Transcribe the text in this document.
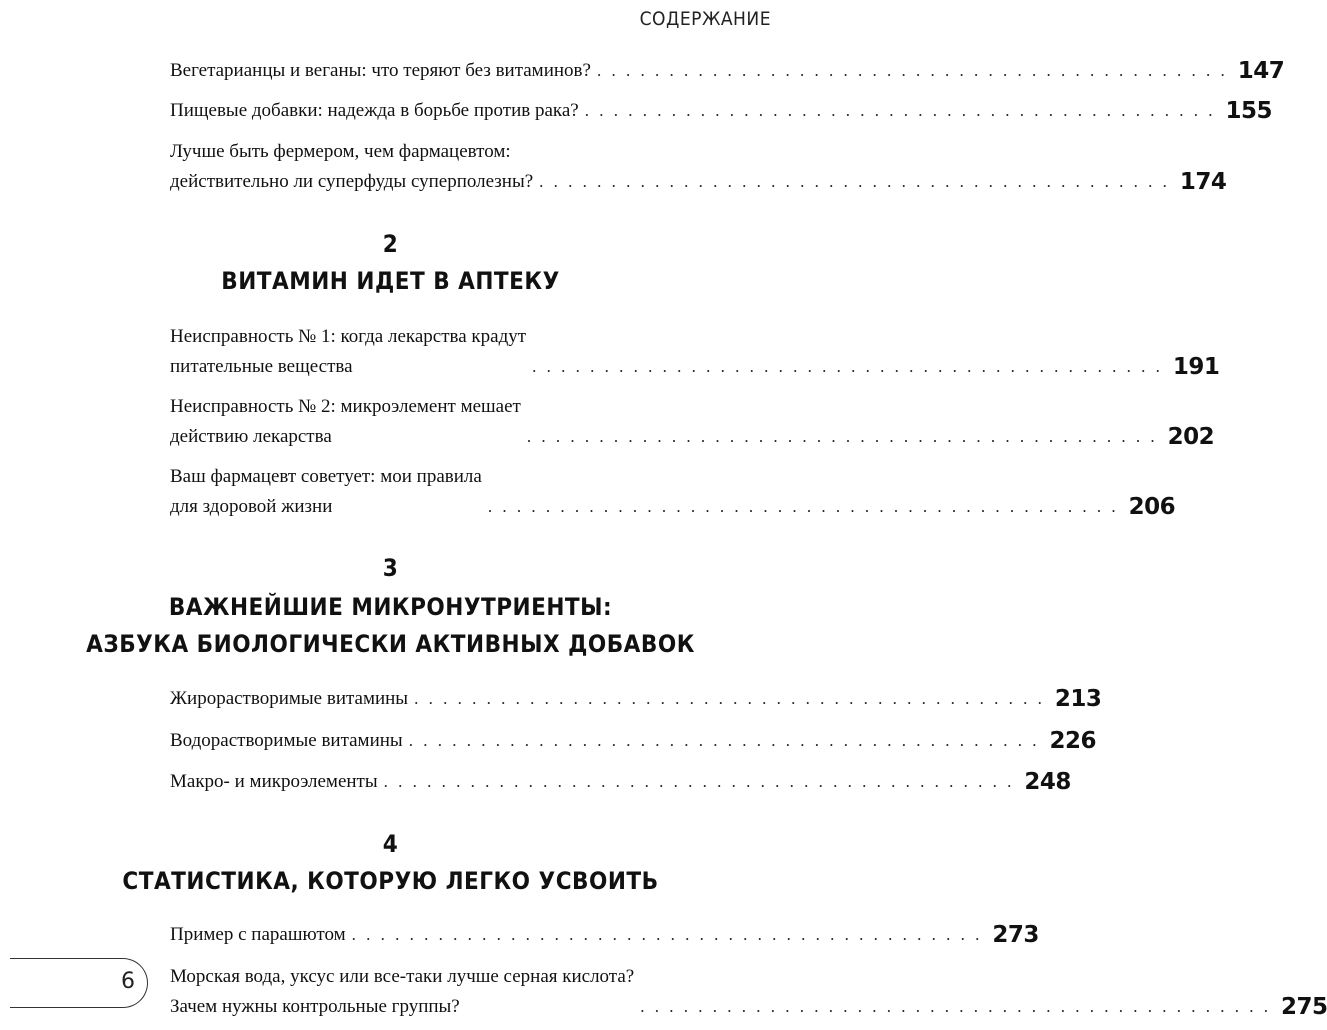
СОДЕРЖАНИЕ
Вегетарианцы и веганы: что теряют без витаминов? . . . . . . . . . . . . . . . . . . . . . . . . . . . . . . . . . . . . . . . . . . . . 147
Пищевые добавки: надежда в борьбе против рака? . . . . . . . . . . . . . . . . . . . . . . . . . . . . . . . . . . . . . . . . . . . . 155
Лучше быть фермером, чем фармацевтом:
действительно ли суперфуды суперполезны? . . . . . . . . . . . . . . . . . . . . . . . . . . . . . . . . . . . . . . . . . . . . 174
2
ВИТАМИН ИДЕТ В АПТЕКУ
Неисправность № 1: когда лекарства крадут
питательные вещества	. . . . . . . . . . . . . . . . . . . . . . . . . . . . . . . . . . . . . . . . . . . . 191
Неисправность № 2: микроэлемент мешает
действию лекарства	. . . . . . . . . . . . . . . . . . . . . . . . . . . . . . . . . . . . . . . . . . . . 202
Ваш фармацевт советует: мои правила
для здоровой жизни	. . . . . . . . . . . . . . . . . . . . . . . . . . . . . . . . . . . . . . . . . . . . 206
3
ВАЖНЕЙШИЕ МИКРОНУТРИЕНТЫ:
АЗБУКА БИОЛОГИЧЕСКИ АКТИВНЫХ ДОБАВОК
Жирорастворимые витамины . . . . . . . . . . . . . . . . . . . . . . . . . . . . . . . . . . . . . . . . . . . . 213
Водорастворимые витамины . . . . . . . . . . . . . . . . . . . . . . . . . . . . . . . . . . . . . . . . . . . . 226
Макро- и микроэлементы . . . . . . . . . . . . . . . . . . . . . . . . . . . . . . . . . . . . . . . . . . . . 248
4
СТАТИСТИКА, КОТОРУЮ ЛЕГКО УСВОИТЬ
Пример с парашютом . . . . . . . . . . . . . . . . . . . . . . . . . . . . . . . . . . . . . . . . . . . . 273
Морская вода, уксус или все-таки лучше серная кислота?
Зачем нужны контрольные группы?	. . . . . . . . . . . . . . . . . . . . . . . . . . . . . . . . . . . . . . . . . . . . 275
6
